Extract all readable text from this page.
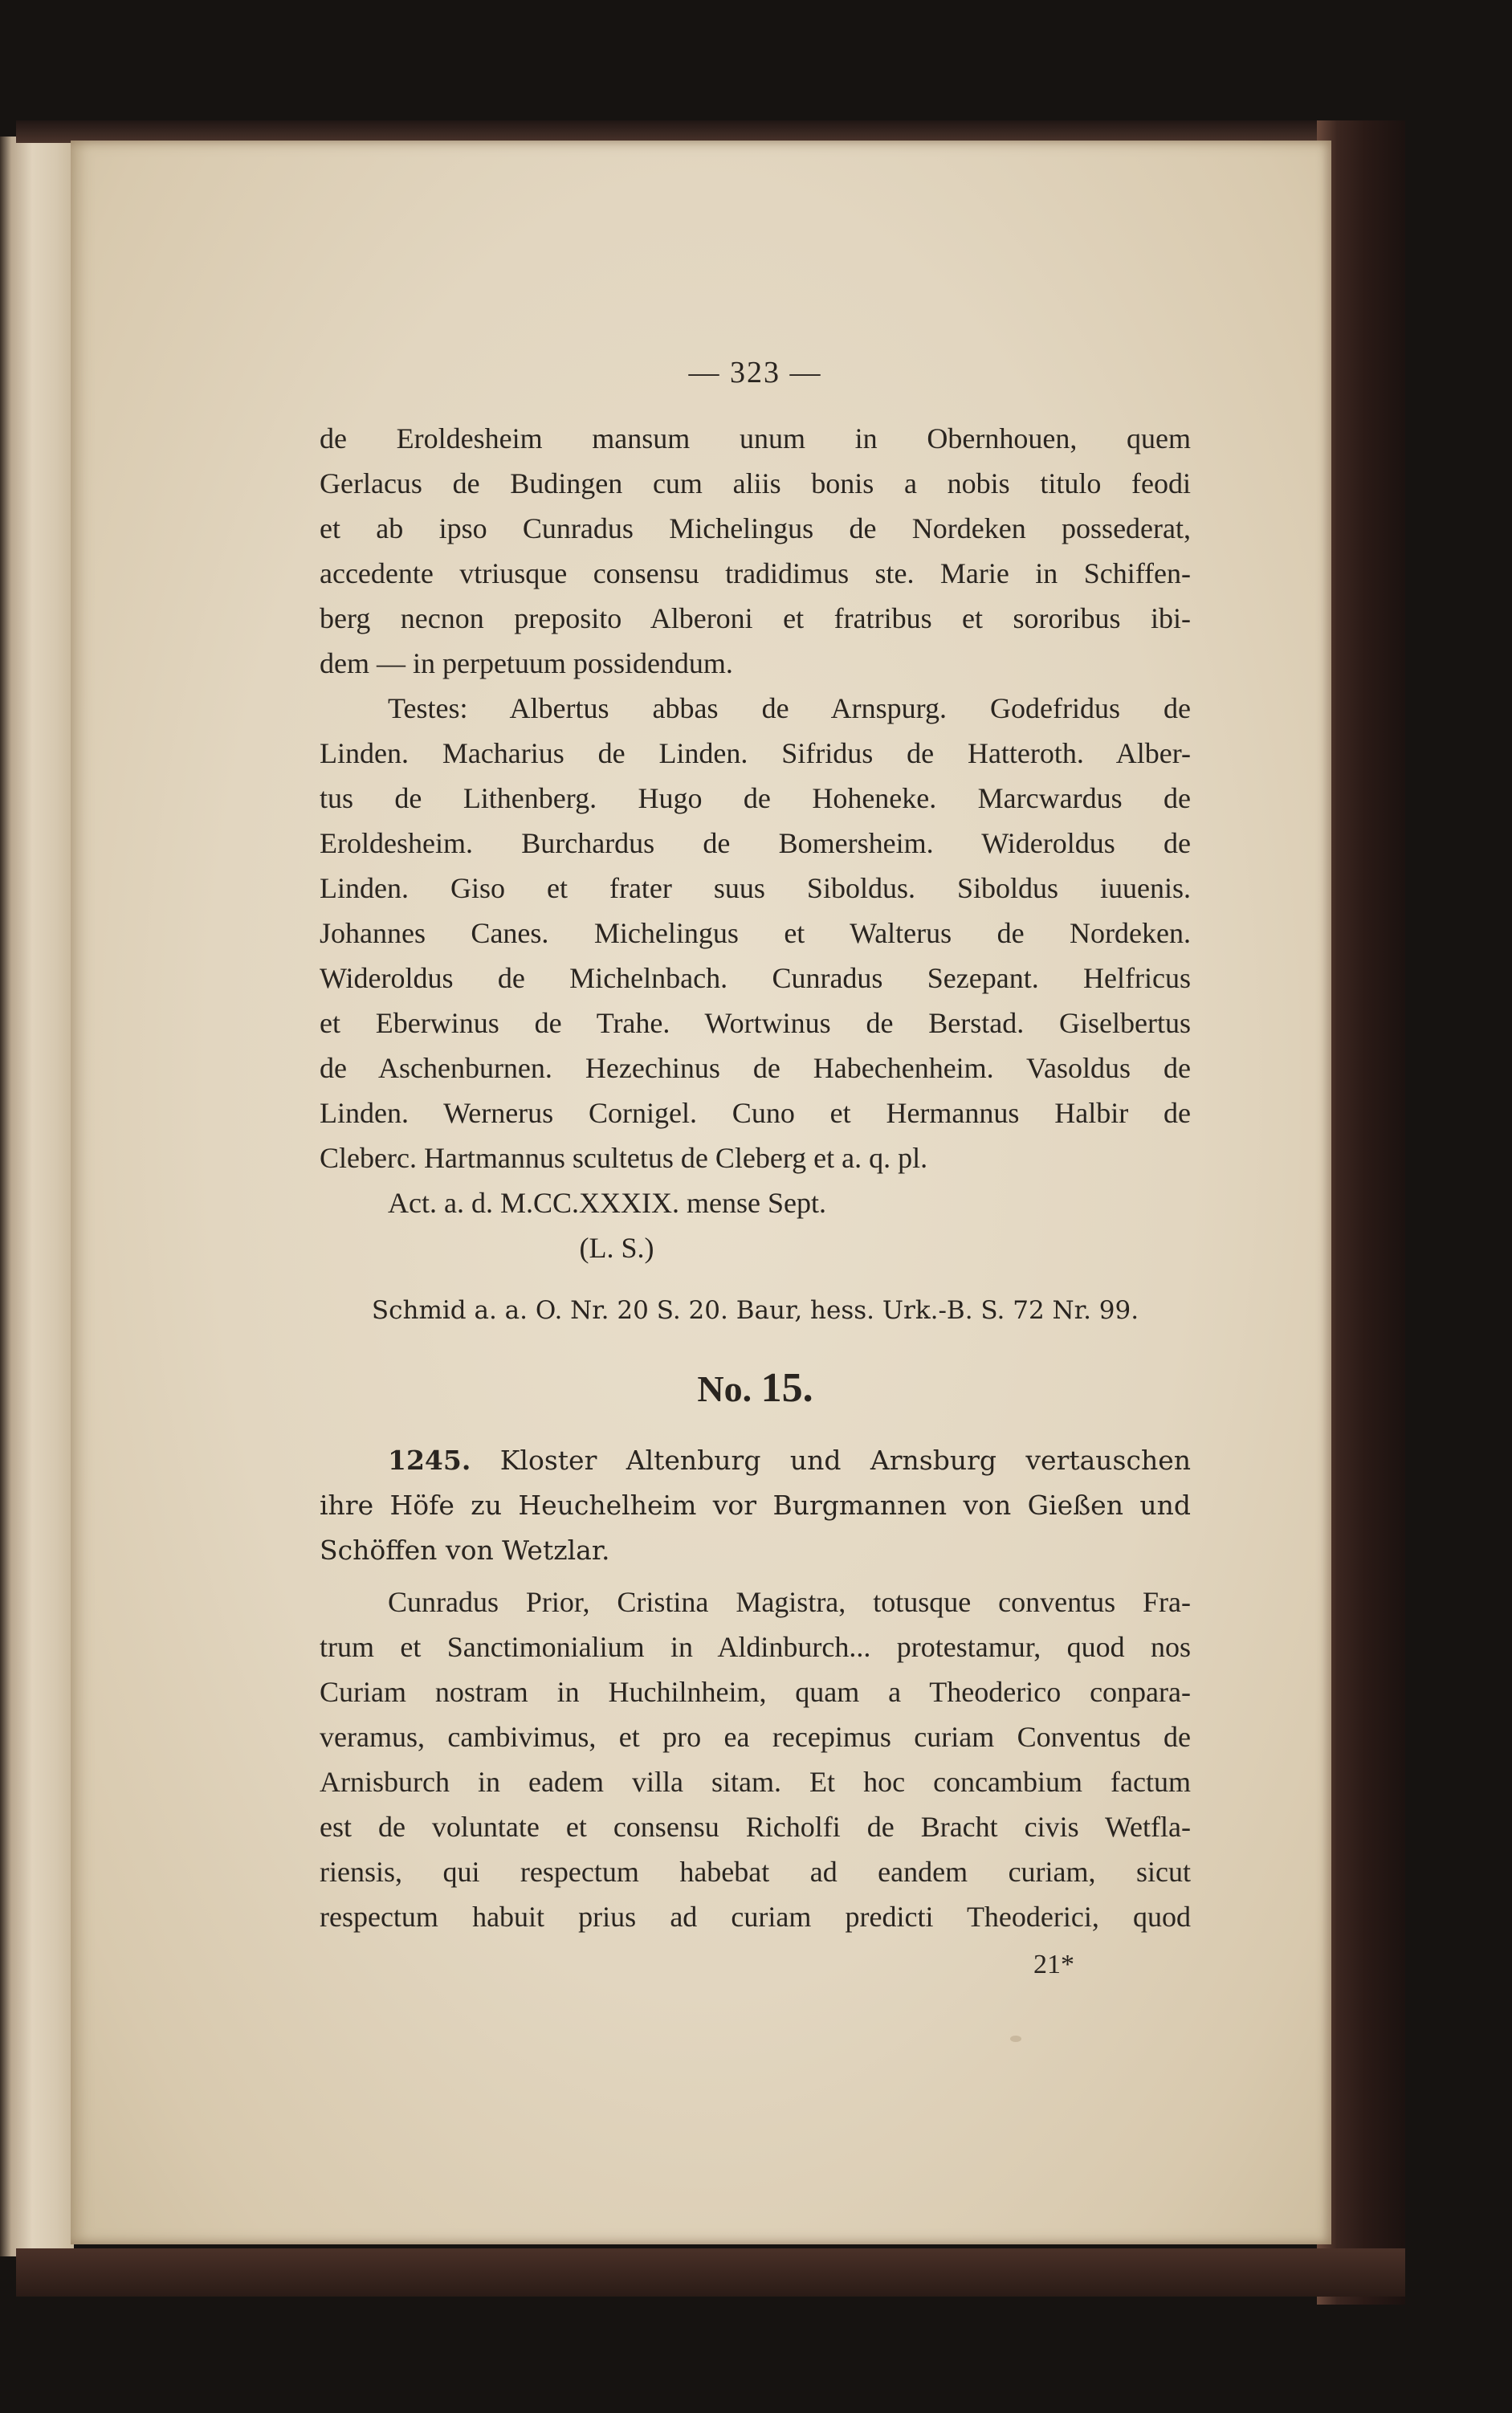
— 323 —
de Eroldesheim mansum unum in Obernhouen, quem
Gerlacus de Budingen cum aliis bonis a nobis titulo feodi
et ab ipso Cunradus Michelingus de Nordeken possederat,
accedente vtriusque consensu tradidimus ste. Marie in Schiffen-
berg necnon preposito Alberoni et fratribus et sororibus ibi-
dem — in perpetuum possidendum.
Testes: Albertus abbas de Arnspurg. Godefridus de
Linden. Macharius de Linden. Sifridus de Hatteroth. Alber-
tus de Lithenberg. Hugo de Hoheneke. Marcwardus de
Eroldesheim. Burchardus de Bomersheim. Wideroldus de
Linden. Giso et frater suus Siboldus. Siboldus iuuenis.
Johannes Canes. Michelingus et Walterus de Nordeken.
Wideroldus de Michelnbach. Cunradus Sezepant. Helfricus
et Eberwinus de Trahe. Wortwinus de Berstad. Giselbertus
de Aschenburnen. Hezechinus de Habechenheim. Vasoldus de
Linden. Wernerus Cornigel. Cuno et Hermannus Halbir de
Cleberc. Hartmannus scultetus de Cleberg et a. q. pl.
Act. a. d. M.CC.XXXIX. mense Sept.
(L. S.)
Schmid a. a. O. Nr. 20 S. 20. Baur, hess. Urk.-B. S. 72 Nr. 99.
No. 15.
1245. Kloster Altenburg und Arnsburg vertauschen
ihre Höfe zu Heuchelheim vor Burgmannen von Gießen und
Schöffen von Wetzlar.
Cunradus Prior, Cristina Magistra, totusque conventus Fra-
trum et Sanctimonialium in Aldinburch... protestamur, quod nos
Curiam nostram in Huchilnheim, quam a Theoderico conpara-
veramus, cambivimus, et pro ea recepimus curiam Conventus de
Arnisburch in eadem villa sitam. Et hoc concambium factum
est de voluntate et consensu Richolfi de Bracht civis Wetfla-
riensis, qui respectum habebat ad eandem curiam, sicut
respectum habuit prius ad curiam predicti Theoderici, quod
21*
